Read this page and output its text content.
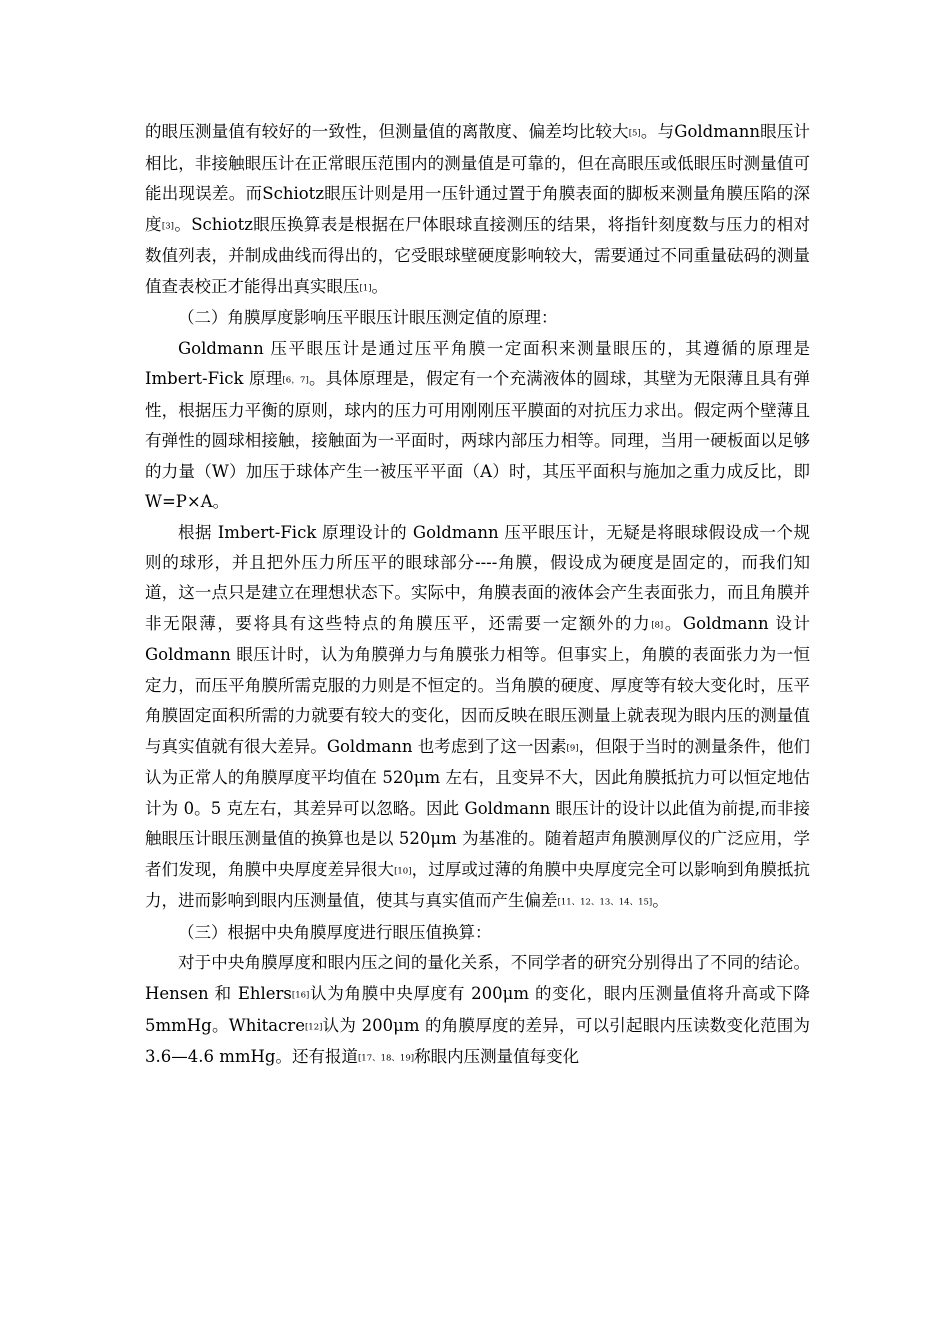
的眼压测量值有较好的一致性，但测量值的离散度、偏差均比较大[5]。与Goldmann眼压计相比，非接触眼压计在正常眼压范围内的测量值是可靠的，但在高眼压或低眼压时测量值可能出现误差。而Schiotz眼压计则是用一压针通过置于角膜表面的脚板来测量角膜压陷的深度[3]。Schiotz眼压换算表是根据在尸体眼球直接测压的结果，将指针刻度数与压力的相对数值列表，并制成曲线而得出的，它受眼球壁硬度影响较大，需要通过不同重量砝码的测量值查表校正才能得出真实眼压[1]。

（二）角膜厚度影响压平眼压计眼压测定值的原理：

Goldmann 压平眼压计是通过压平角膜一定面积来测量眼压的，其遵循的原理是 Imbert-Fick 原理[6，7]。具体原理是，假定有一个充满液体的圆球，其壁为无限薄且具有弹性，根据压力平衡的原则，球内的压力可用刚刚压平膜面的对抗压力求出。假定两个壁薄且有弹性的圆球相接触，接触面为一平面时，两球内部压力相等。同理，当用一硬板面以足够的力量（W）加压于球体产生一被压平平面（A）时，其压平面积与施加之重力成反比，即 W=P×A。

根据 Imbert-Fick 原理设计的 Goldmann 压平眼压计，无疑是将眼球假设成一个规则的球形，并且把外压力所压平的眼球部分----角膜，假设成为硬度是固定的，而我们知道，这一点只是建立在理想状态下。实际中，角膜表面的液体会产生表面张力，而且角膜并非无限薄，要将具有这些特点的角膜压平，还需要一定额外的力[8]。Goldmann 设计 Goldmann 眼压计时，认为角膜弹力与角膜张力相等。但事实上，角膜的表面张力为一恒定力，而压平角膜所需克服的力则是不恒定的。当角膜的硬度、厚度等有较大变化时，压平角膜固定面积所需的力就要有较大的变化，因而反映在眼压测量上就表现为眼内压的测量值与真实值就有很大差异。Goldmann 也考虑到了这一因素[9]，但限于当时的测量条件，他们认为正常人的角膜厚度平均值在 520μm 左右，且变异不大，因此角膜抵抗力可以恒定地估计为 0。5 克左右，其差异可以忽略。因此 Goldmann 眼压计的设计以此值为前提,而非接触眼压计眼压测量值的换算也是以 520μm 为基准的。随着超声角膜测厚仪的广泛应用，学者们发现，角膜中央厚度差异很大[10]，过厚或过薄的角膜中央厚度完全可以影响到角膜抵抗力，进而影响到眼内压测量值，使其与真实值而产生偏差[11、12、13、14、15]。

（三）根据中央角膜厚度进行眼压值换算：

对于中央角膜厚度和眼内压之间的量化关系，不同学者的研究分别得出了不同的结论。Hensen 和 Ehlers[16]认为角膜中央厚度有 200μm 的变化，眼内压测量值将升高或下降 5mmHg。Whitacre[12]认为 200μm 的角膜厚度的差异，可以引起眼内压读数变化范围为 3.6—4.6 mmHg。还有报道[17、18、19]称眼内压测量值每变化
